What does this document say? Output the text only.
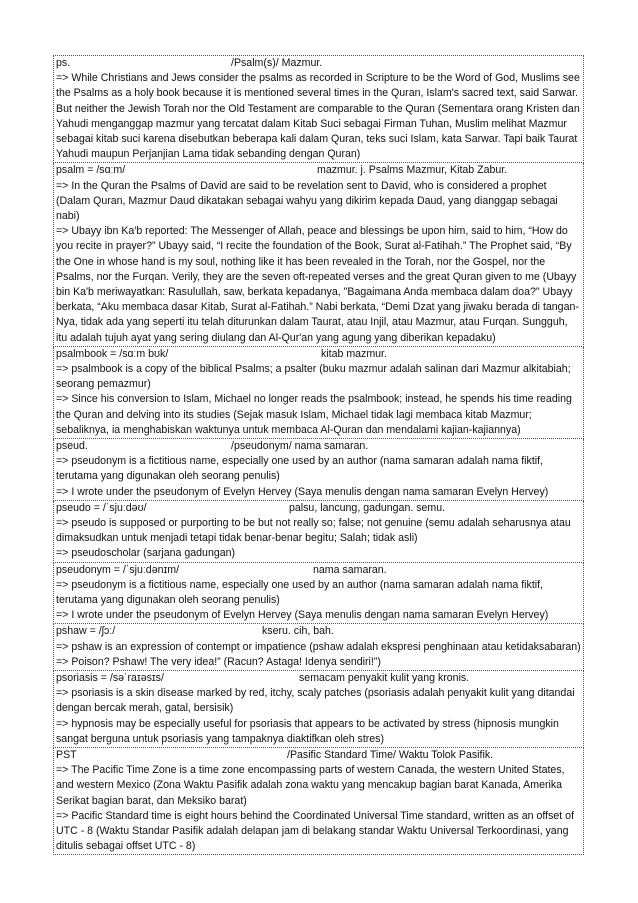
ps.	/Psalm(s)/ Mazmur.
=> While Christians and Jews consider the psalms as recorded in Scripture to be the Word of God, Muslims see the Psalms as a holy book because it is mentioned several times in the Quran, Islam's sacred text, said Sarwar. But neither the Jewish Torah nor the Old Testament are comparable to the Quran (Sementara orang Kristen dan Yahudi menganggap mazmur yang tercatat dalam Kitab Suci sebagai Firman Tuhan, Muslim melihat Mazmur sebagai kitab suci karena disebutkan beberapa kali dalam Quran, teks suci Islam, kata Sarwar. Tapi baik Taurat Yahudi maupun Perjanjian Lama tidak sebanding dengan Quran)
psalm = /sɑːm/	mazmur. j. Psalms Mazmur, Kitab Zabur.
=> In the Quran the Psalms of David are said to be revelation sent to David, who is considered a prophet (Dalam Quran, Mazmur Daud dikatakan sebagai wahyu yang dikirim kepada Daud, yang dianggap sebagai nabi)
=> Ubayy ibn Ka'b reported: The Messenger of Allah, peace and blessings be upon him, said to him, “How do you recite in prayer?” Ubayy said, “I recite the foundation of the Book, Surat al-Fatihah.” The Prophet said, “By the One in whose hand is my soul, nothing like it has been revealed in the Torah, nor the Gospel, nor the Psalms, nor the Furqan. Verily, they are the seven oft-repeated verses and the great Quran given to me (Ubayy bin Ka'b meriwayatkan: Rasulullah, saw, berkata kepadanya, "Bagaimana Anda membaca dalam doa?" Ubayy berkata, “Aku membaca dasar Kitab, Surat al-Fatihah.” Nabi berkata, “Demi Dzat yang jiwaku berada di tangan-Nya, tidak ada yang seperti itu telah diturunkan dalam Taurat, atau Injil, atau Mazmur, atau Furqan. Sungguh, itu adalah tujuh ayat yang sering diulang dan Al-Qur'an yang agung yang diberikan kepadaku)
psalmbook = /sɑːm bʊk/	kitab mazmur.
=> psalmbook is a copy of the biblical Psalms; a psalter (buku mazmur adalah salinan dari Mazmur alkitabiah; seorang pemazmur)
=> Since his conversion to Islam, Michael no longer reads the psalmbook; instead, he spends his time reading the Quran and delving into its studies (Sejak masuk Islam, Michael tidak lagi membaca kitab Mazmur; sebaliknya, ia menghabiskan waktunya untuk membaca Al-Quran dan mendalami kajian-kajiannya)
pseud.	/pseudonym/ nama samaran.
=> pseudonym is a fictitious name, especially one used by an author (nama samaran adalah nama fiktif, terutama yang digunakan oleh seorang penulis)
=> I wrote under the pseudonym of Evelyn Hervey (Saya menulis dengan nama samaran Evelyn Hervey)
pseudo = /ˈsjuːdəʊ/	palsu, lancung, gadungan. semu.
=> pseudo is supposed or purporting to be but not really so; false; not genuine (semu adalah seharusnya atau dimaksudkan untuk menjadi tetapi tidak benar-benar begitu; Salah; tidak asli)
=> pseudoscholar (sarjana gadungan)
pseudonym = /ˈsjuːdənɪm/	nama samaran.
=> pseudonym is a fictitious name, especially one used by an author (nama samaran adalah nama fiktif, terutama yang digunakan oleh seorang penulis)
=> I wrote under the pseudonym of Evelyn Hervey (Saya menulis dengan nama samaran Evelyn Hervey)
pshaw = /ʃɔː/	kseru. cih, bah.
=> pshaw is an expression of contempt or impatience (pshaw adalah ekspresi penghinaan atau ketidaksabaran)
=> Poison? Pshaw! The very idea!” (Racun? Astaga! Idenya sendiri!”)
psoriasis = /səˈraɪəsɪs/	semacam penyakit kulit yang kronis.
=> psoriasis is a skin disease marked by red, itchy, scaly patches (psoriasis adalah penyakit kulit yang ditandai dengan bercak merah, gatal, bersisik)
=> hypnosis may be especially useful for psoriasis that appears to be activated by stress (hipnosis mungkin sangat berguna untuk psoriasis yang tampaknya diaktifkan oleh stres)
PST	/Pasific Standard Time/ Waktu Tolok Pasifik.
=> The Pacific Time Zone is a time zone encompassing parts of western Canada, the western United States, and western Mexico (Zona Waktu Pasifik adalah zona waktu yang mencakup bagian barat Kanada, Amerika Serikat bagian barat, dan Meksiko barat)
=> Pacific Standard time is eight hours behind the Coordinated Universal Time standard, written as an offset of UTC - 8 (Waktu Standar Pasifik adalah delapan jam di belakang standar Waktu Universal Terkoordinasi, yang ditulis sebagai offset UTC - 8)
